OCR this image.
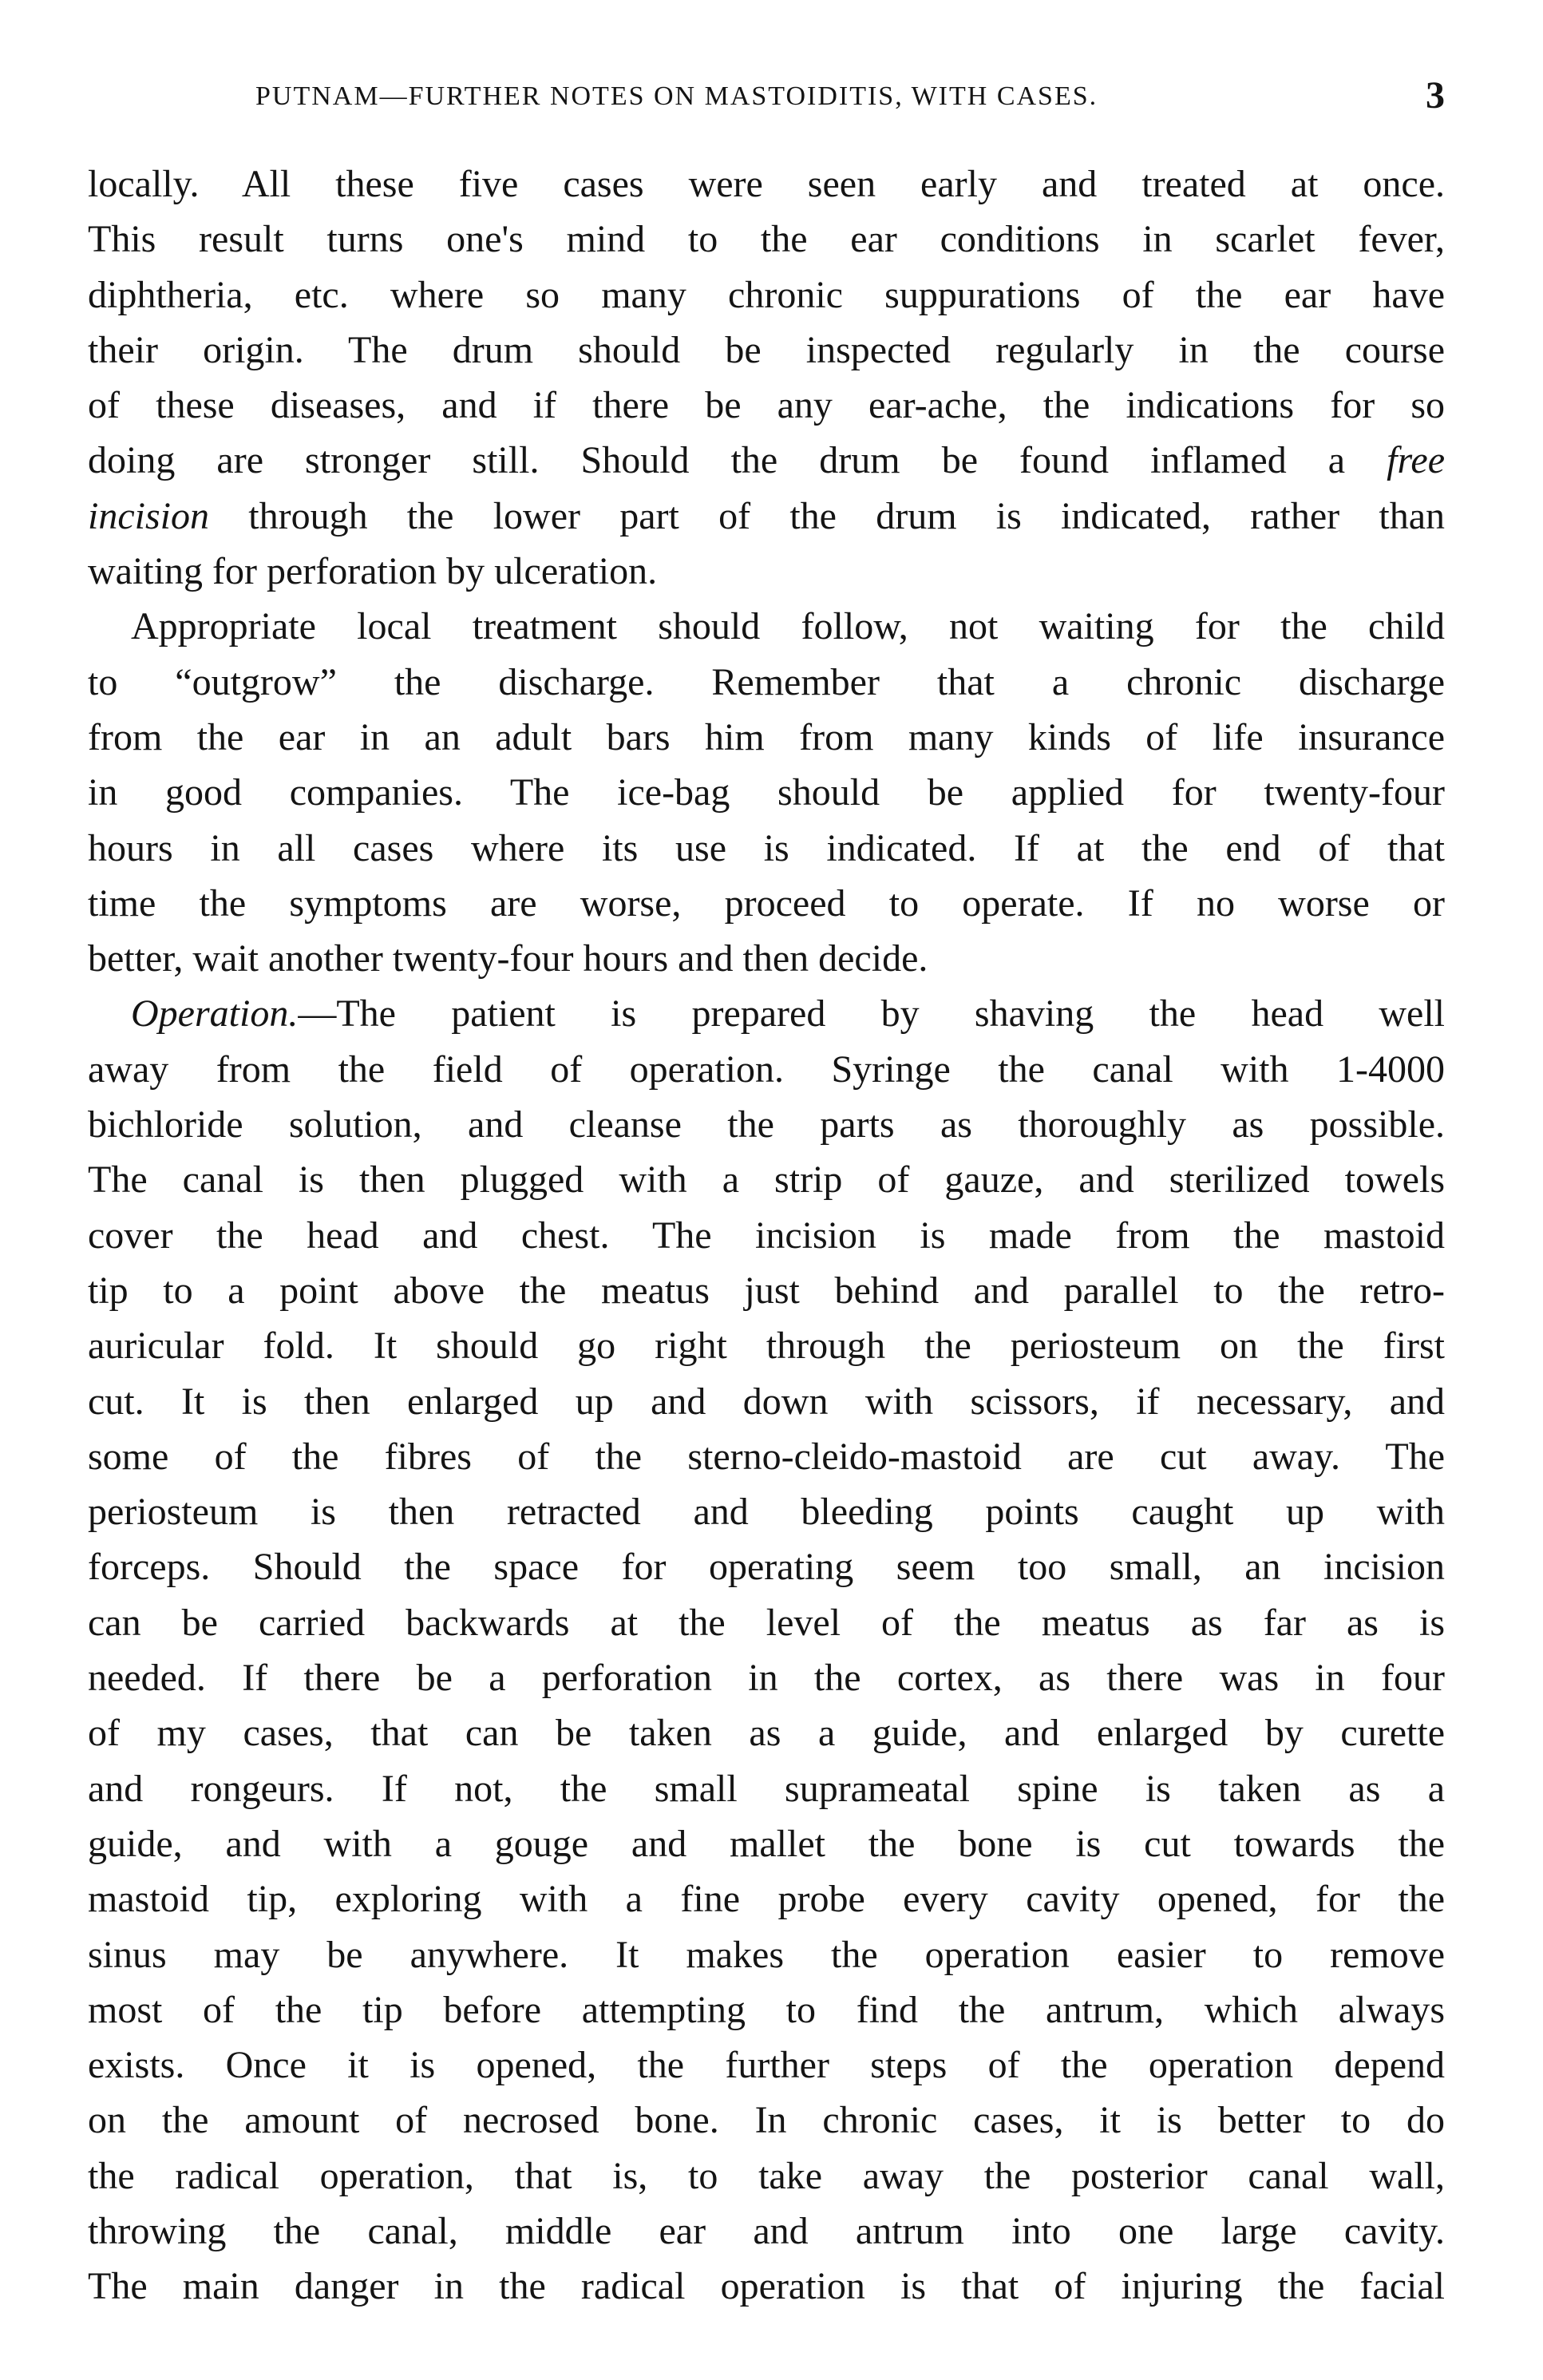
PUTNAM—FURTHER NOTES ON MASTOIDITIS, WITH CASES.	3
locally. All these five cases were seen early and treated at once.
This result turns one's mind to the ear conditions in scarlet fever,
diphtheria, etc. where so many chronic suppurations of the ear have
their origin. The drum should be inspected regularly in the course
of these diseases, and if there be any ear-ache, the indications for so
doing are stronger still. Should the drum be found inflamed a free
incision through the lower part of the drum is indicated, rather than
waiting for perforation by ulceration.
Appropriate local treatment should follow, not waiting for the child
to “outgrow” the discharge. Remember that a chronic discharge
from the ear in an adult bars him from many kinds of life insurance
in good companies. The ice-bag should be applied for twenty-four
hours in all cases where its use is indicated. If at the end of that
time the symptoms are worse, proceed to operate. If no worse or
better, wait another twenty-four hours and then decide.
Operation.—The patient is prepared by shaving the head well
away from the field of operation. Syringe the canal with 1-4000
bichloride solution, and cleanse the parts as thoroughly as possible.
The canal is then plugged with a strip of gauze, and sterilized towels
cover the head and chest. The incision is made from the mastoid
tip to a point above the meatus just behind and parallel to the retro-
auricular fold. It should go right through the periosteum on the first
cut. It is then enlarged up and down with scissors, if necessary, and
some of the fibres of the sterno-cleido-mastoid are cut away. The
periosteum is then retracted and bleeding points caught up with
forceps. Should the space for operating seem too small, an incision
can be carried backwards at the level of the meatus as far as is
needed. If there be a perforation in the cortex, as there was in four
of my cases, that can be taken as a guide, and enlarged by curette
and rongeurs. If not, the small suprameatal spine is taken as a
guide, and with a gouge and mallet the bone is cut towards the
mastoid tip, exploring with a fine probe every cavity opened, for the
sinus may be anywhere. It makes the operation easier to remove
most of the tip before attempting to find the antrum, which always
exists. Once it is opened, the further steps of the operation depend
on the amount of necrosed bone. In chronic cases, it is better to do
the radical operation, that is, to take away the posterior canal wall,
throwing the canal, middle ear and antrum into one large cavity.
The main danger in the radical operation is that of injuring the facial
